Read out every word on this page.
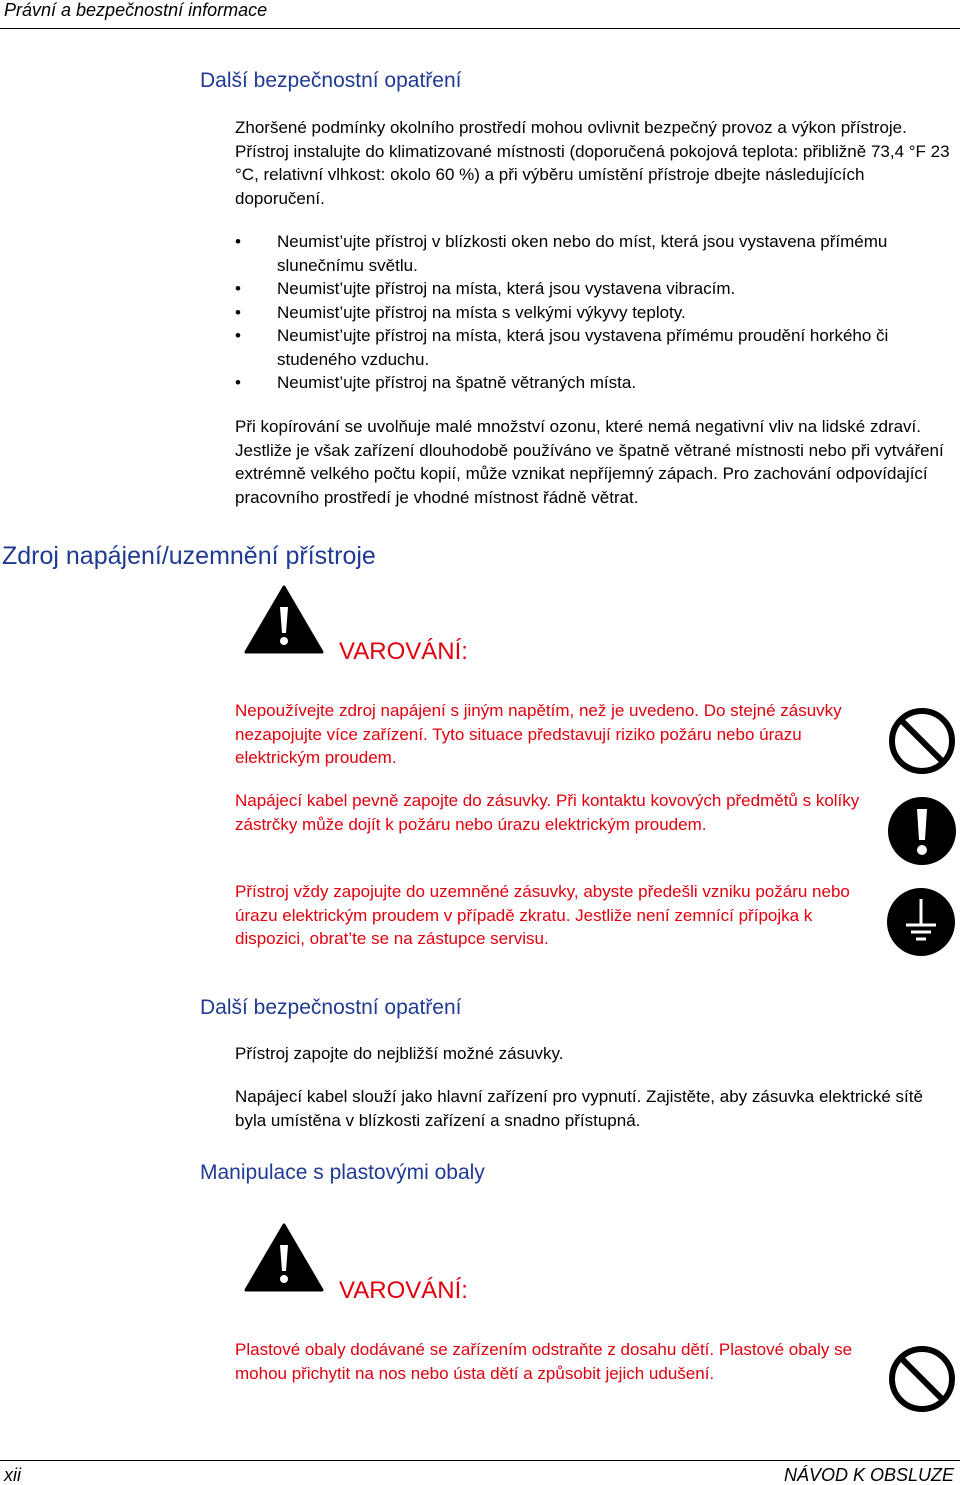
Právní a bezpečnostní informace
Další bezpečnostní opatření
Zhoršené podmínky okolního prostředí mohou ovlivnit bezpečný provoz a výkon přístroje. Přístroj instalujte do klimatizované místnosti (doporučená pokojová teplota: přibližně 73,4 °F 23 °C, relativní vlhkost: okolo 60 %) a při výběru umístění přístroje dbejte následujících doporučení.
• Neumist’ujte přístroj v blízkosti oken nebo do míst, která jsou vystavena přímému slunečnímu světlu.
• Neumist’ujte přístroj na místa, která jsou vystavena vibracím.
• Neumist’ujte přístroj na místa s velkými výkyvy teploty.
• Neumist’ujte přístroj na místa, která jsou vystavena přímému proudění horkého či studeného vzduchu.
• Neumist’ujte přístroj na špatně větraných místa.
Při kopírování se uvolňuje malé množství ozonu, které nemá negativní vliv na lidské zdraví. Jestliže je však zařízení dlouhodobě používáno ve špatně větrané místnosti nebo při vytváření extrémně velkého počtu kopií, může vznikat nepříjemný zápach. Pro zachování odpovídající pracovního prostředí je vhodné místnost řádně větrat.
Zdroj napájení/uzemnění přístroje
VAROVÁNÍ:
Nepoužívejte zdroj napájení s jiným napětím, než je uvedeno. Do stejné zásuvky nezapojujte více zařízení. Tyto situace představují riziko požáru nebo úrazu elektrickým proudem.
Napájecí kabel pevně zapojte do zásuvky. Při kontaktu kovových předmětů s kolíky zástrčky může dojít k požáru nebo úrazu elektrickým proudem.
Přístroj vždy zapojujte do uzemněné zásuvky, abyste předešli vzniku požáru nebo úrazu elektrickým proudem v případě zkratu. Jestliže není zemnící přípojka k dispozici, obrat’te se na zástupce servisu.
Další bezpečnostní opatření
Přístroj zapojte do nejbližší možné zásuvky.
Napájecí kabel slouží jako hlavní zařízení pro vypnutí. Zajistěte, aby zásuvka elektrické sítě byla umístěna v blízkosti zařízení a snadno přístupná.
Manipulace s plastovými obaly
VAROVÁNÍ:
Plastové obaly dodávané se zařízením odstraňte z dosahu dětí. Plastové obaly se mohou přichytit na nos nebo ústa dětí a způsobit jejich udušení.
xii	NÁVOD K OBSLUZE
